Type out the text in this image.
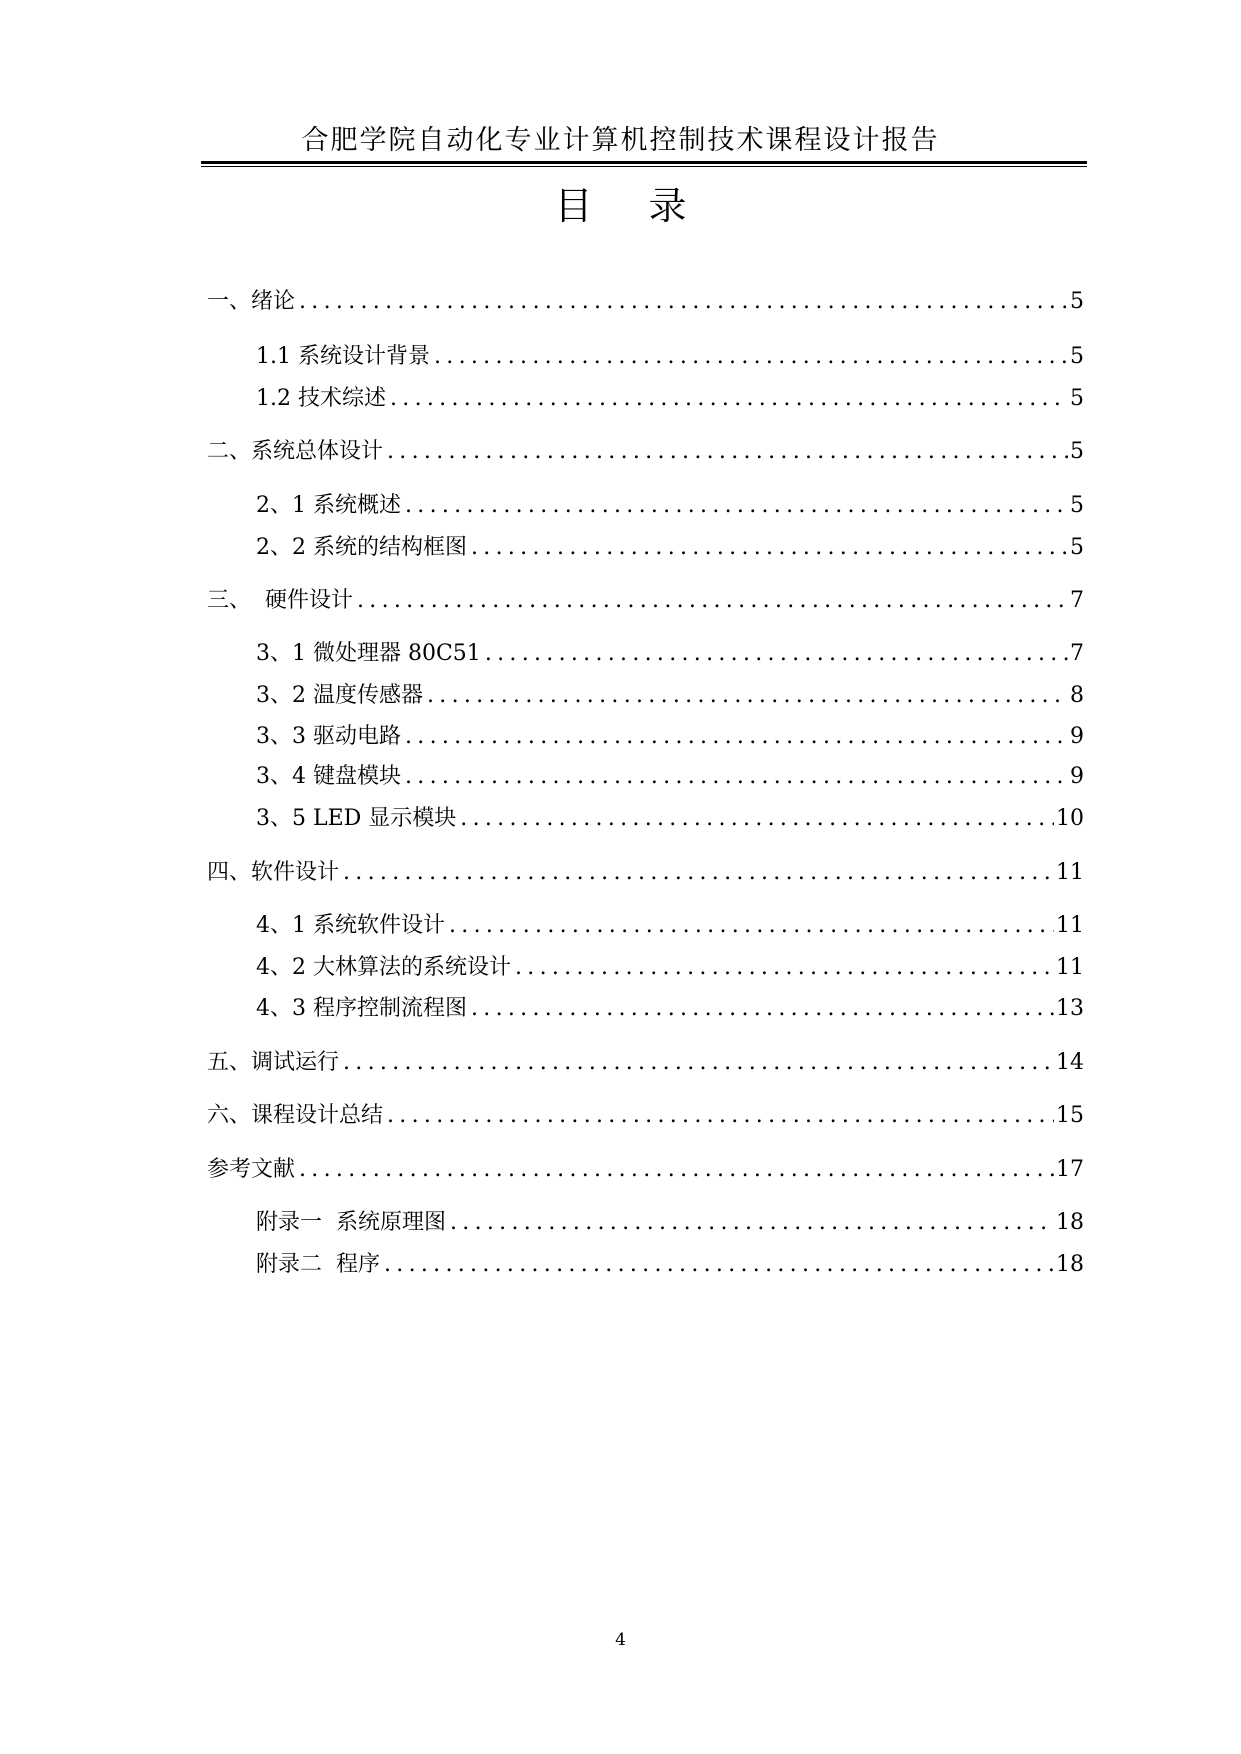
合肥学院自动化专业计算机控制技术课程设计报告
目 录
一、绪论 .....	5
1.1 系统设计背景 .....	5
1.2 技术综述 .....	5
二、系统总体设计 .....	5
2、1 系统概述 .....	5
2、2 系统的结构框图 .....	5
三、  硬件设计 .....	7
3、1 微处理器 80C51 .....	7
3、2 温度传感器 .....	8
3、3 驱动电路 .....	9
3、4 键盘模块 .....	9
3、5 LED 显示模块 .....	10
四、软件设计 .....	11
4、1 系统软件设计 .....	11
4、2 大林算法的系统设计 .....	11
4、3 程序控制流程图 .....	13
五、调试运行 .....	14
六、课程设计总结 .....	15
参考文献 .....	17
附录一  系统原理图 .....	18
附录二  程序 .....	18
4
